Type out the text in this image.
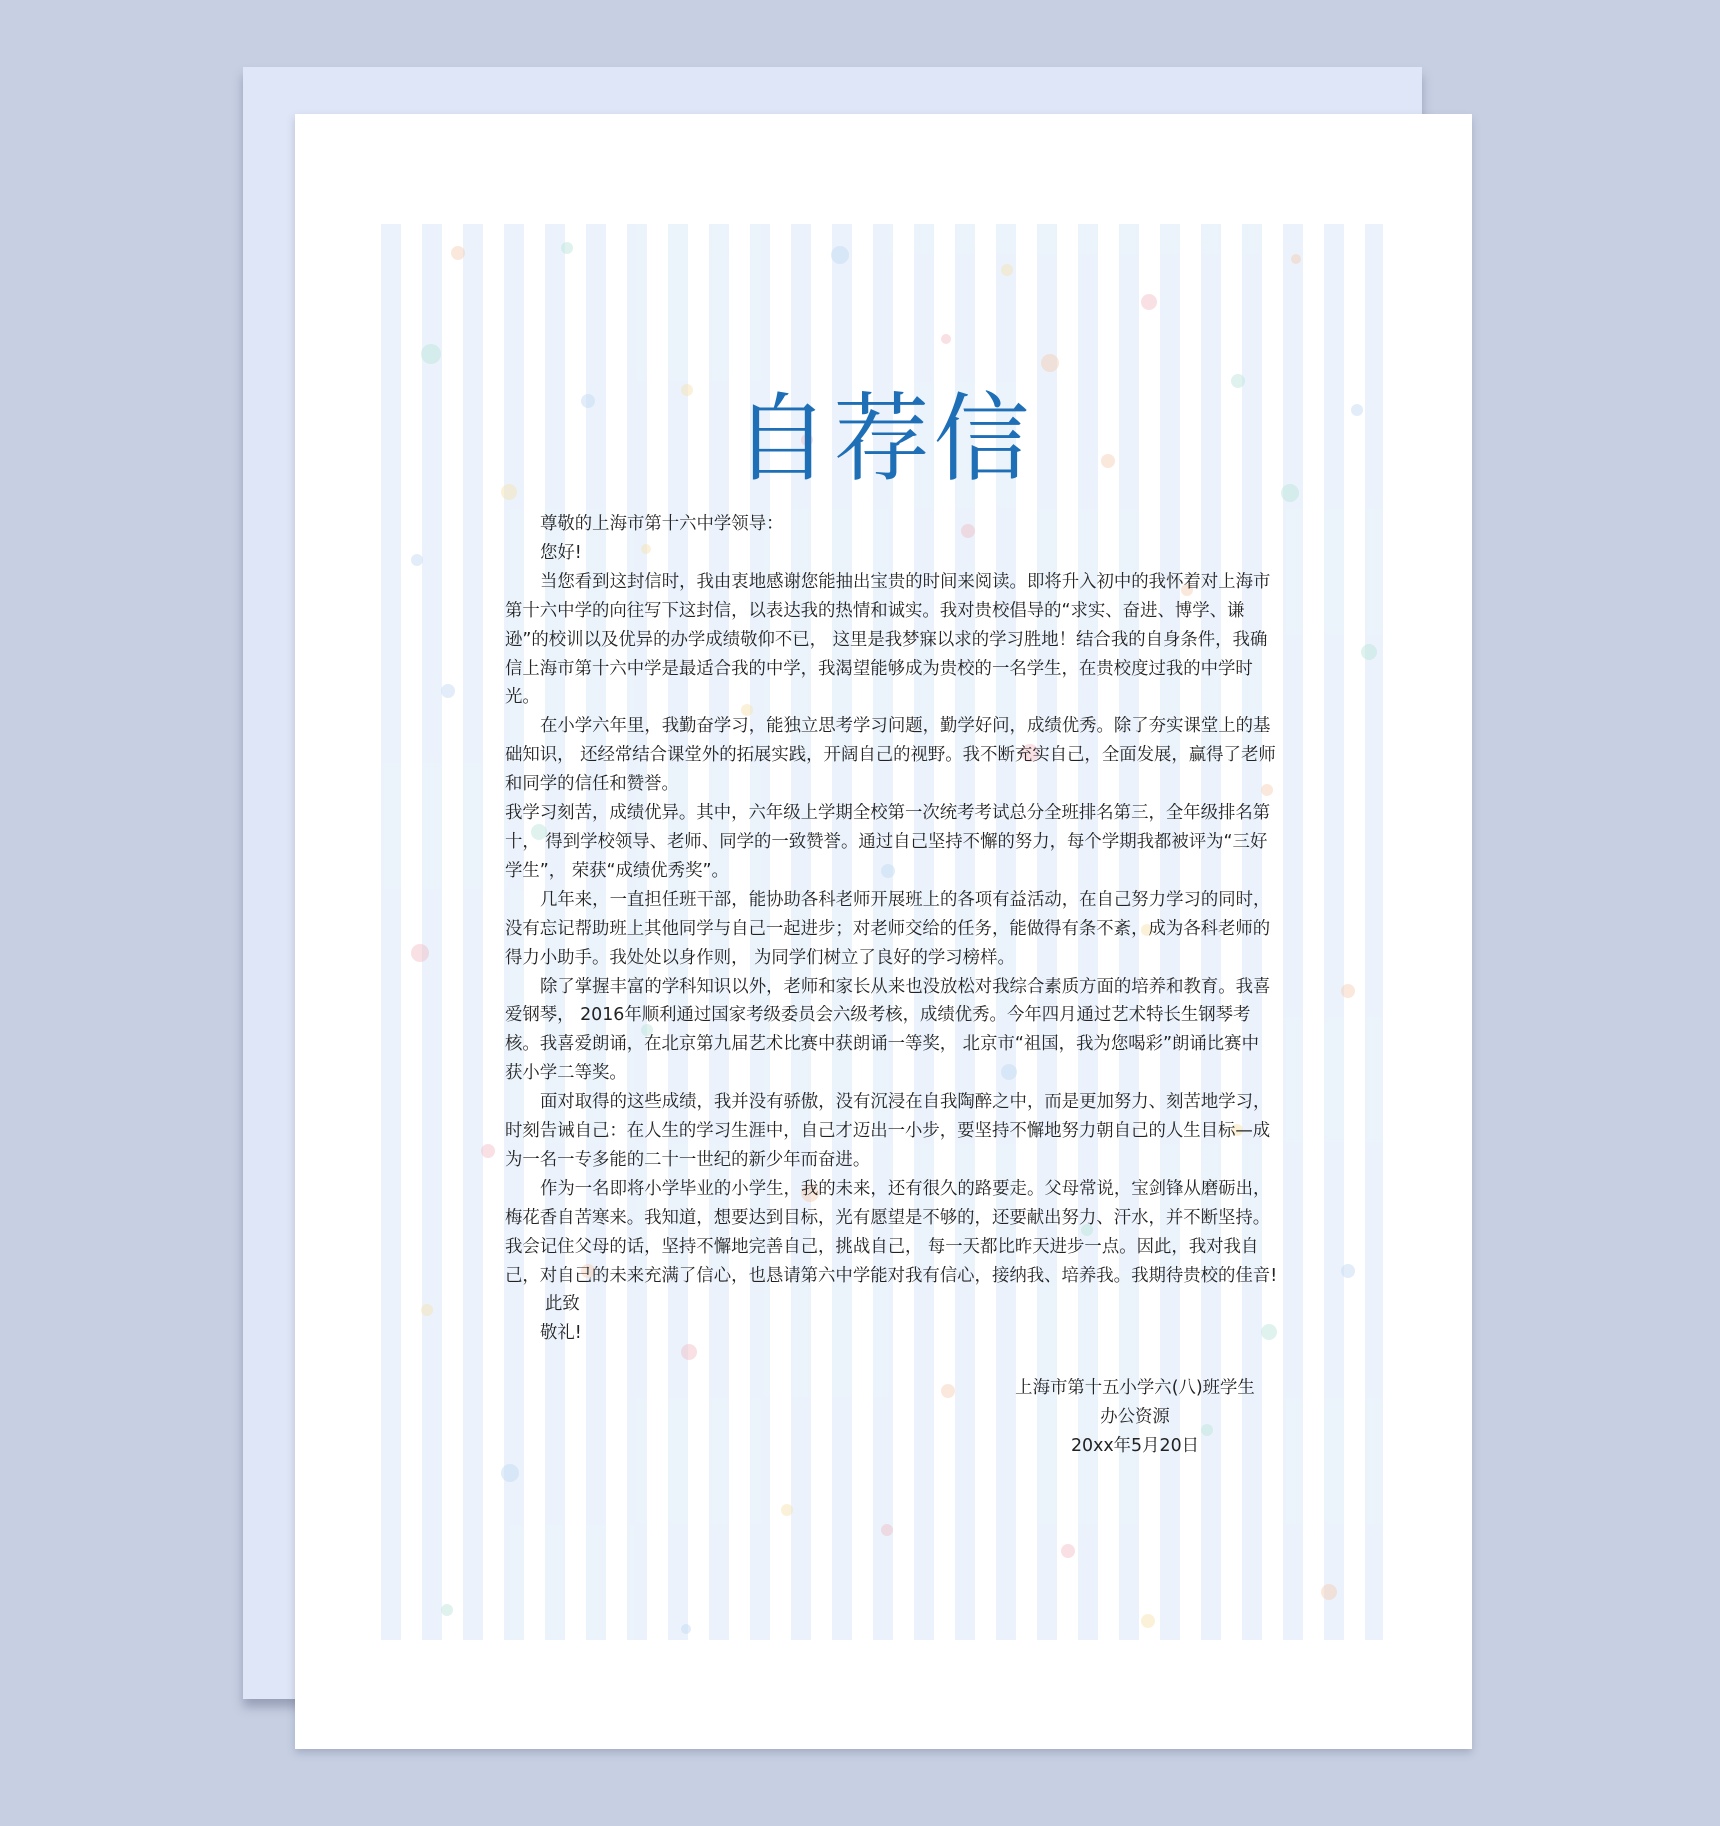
自荐信
尊敬的上海市第十六中学领导：
您好!
当您看到这封信时，我由衷地感谢您能抽出宝贵的时间来阅读。即将升入初中的我怀着对上海市
第十六中学的向往写下这封信，以表达我的热情和诚实。我对贵校倡导的“求实、奋进、博学、谦
逊”的校训以及优异的办学成绩敬仰不已， 这里是我梦寐以求的学习胜地！结合我的自身条件，我确
信上海市第十六中学是最适合我的中学，我渴望能够成为贵校的一名学生，在贵校度过我的中学时
光。
在小学六年里，我勤奋学习，能独立思考学习问题，勤学好问，成绩优秀。除了夯实课堂上的基
础知识， 还经常结合课堂外的拓展实践，开阔自己的视野。我不断充实自己，全面发展，赢得了老师
和同学的信任和赞誉。
我学习刻苦，成绩优异。其中，六年级上学期全校第一次统考考试总分全班排名第三，全年级排名第
十， 得到学校领导、老师、同学的一致赞誉。通过自己坚持不懈的努力，每个学期我都被评为“三好
学生”， 荣获“成绩优秀奖”。
几年来，一直担任班干部，能协助各科老师开展班上的各项有益活动，在自己努力学习的同时，
没有忘记帮助班上其他同学与自己一起进步；对老师交给的任务，能做得有条不紊，成为各科老师的
得力小助手。我处处以身作则， 为同学们树立了良好的学习榜样。
除了掌握丰富的学科知识以外，老师和家长从来也没放松对我综合素质方面的培养和教育。我喜
爱钢琴， 2016年顺利通过国家考级委员会六级考核，成绩优秀。今年四月通过艺术特长生钢琴考
核。我喜爱朗诵，在北京第九届艺术比赛中获朗诵一等奖， 北京市“祖国，我为您喝彩”朗诵比赛中
获小学二等奖。
面对取得的这些成绩，我并没有骄傲，没有沉浸在自我陶醉之中，而是更加努力、刻苦地学习，
时刻告诫自己：在人生的学习生涯中，自己才迈出一小步，要坚持不懈地努力朝自己的人生目标—成
为一名一专多能的二十一世纪的新少年而奋进。
作为一名即将小学毕业的小学生，我的未来，还有很久的路要走。父母常说，宝剑锋从磨砺出，
梅花香自苦寒来。我知道，想要达到目标，光有愿望是不够的，还要献出努力、汗水，并不断坚持。
我会记住父母的话，坚持不懈地完善自己，挑战自己， 每一天都比昨天进步一点。因此，我对我自
己，对自己的未来充满了信心，也恳请第六中学能对我有信心，接纳我、培养我。我期待贵校的佳音!
此致
敬礼!
上海市第十五小学六(八)班学生
办公资源
20xx年5月20日
